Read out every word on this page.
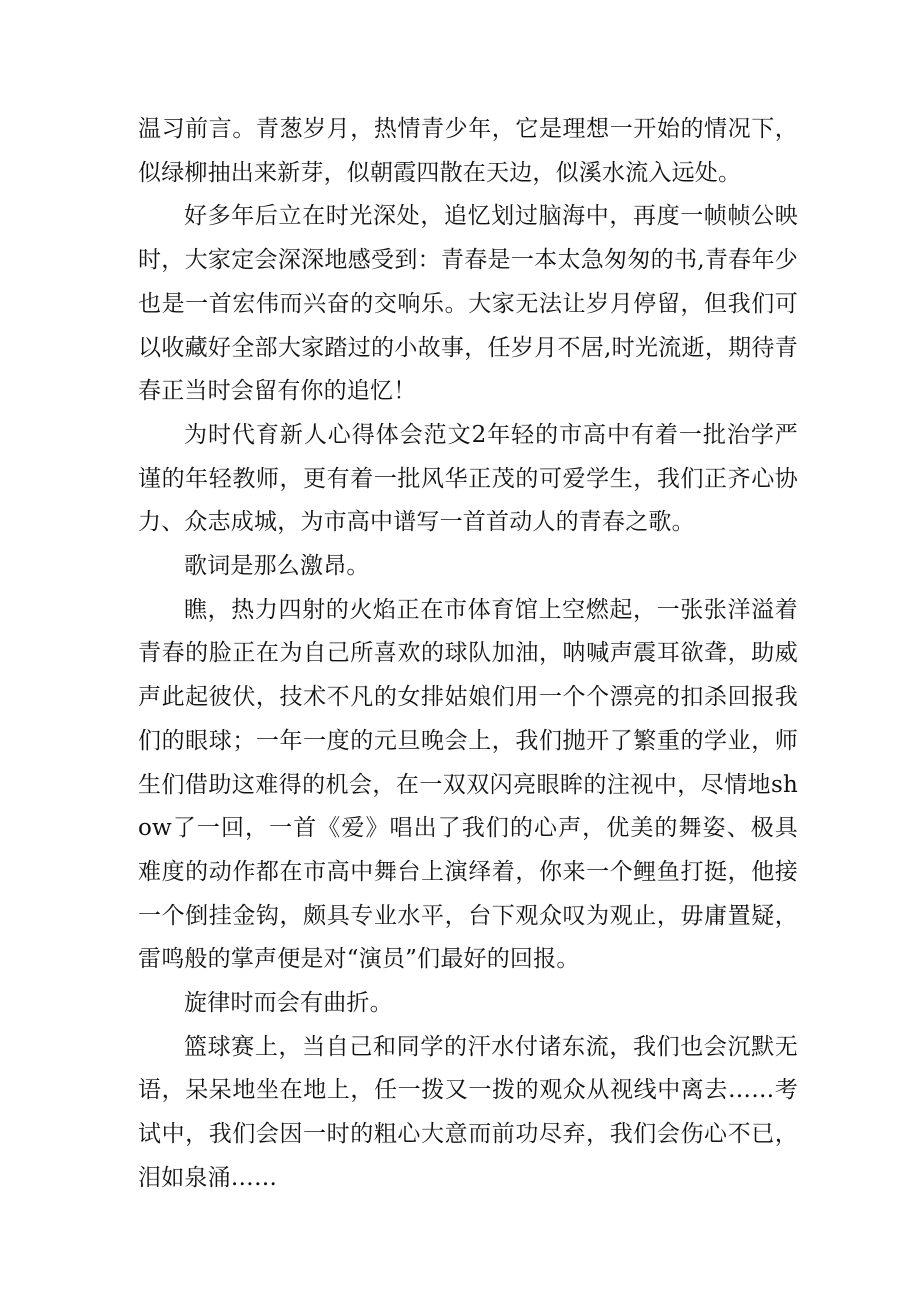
温习前言。青葱岁月，热情青少年，它是理想一开始的情况下，似绿柳抽出来新芽，似朝霞四散在天边，似溪水流入远处。

好多年后立在时光深处，追忆划过脑海中，再度一帧帧公映时，大家定会深深地感受到：青春是一本太急匆匆的书,青春年少也是一首宏伟而兴奋的交响乐。大家无法让岁月停留，但我们可以收藏好全部大家踏过的小故事，任岁月不居,时光流逝，期待青春正当时会留有你的追忆！

为时代育新人心得体会范文2年轻的市高中有着一批治学严谨的年轻教师，更有着一批风华正茂的可爱学生，我们正齐心协力、众志成城，为市高中谱写一首首动人的青春之歌。

歌词是那么激昂。

瞧，热力四射的火焰正在市体育馆上空燃起，一张张洋溢着青春的脸正在为自己所喜欢的球队加油，呐喊声震耳欲聋，助威声此起彼伏，技术不凡的女排姑娘们用一个个漂亮的扣杀回报我们的眼球；一年一度的元旦晚会上，我们抛开了繁重的学业，师生们借助这难得的机会，在一双双闪亮眼眸的注视中，尽情地show了一回，一首《爱》唱出了我们的心声，优美的舞姿、极具难度的动作都在市高中舞台上演绎着，你来一个鲤鱼打挺，他接一个倒挂金钩，颇具专业水平，台下观众叹为观止，毋庸置疑，雷鸣般的掌声便是对“演员”们最好的回报。

旋律时而会有曲折。

篮球赛上，当自己和同学的汗水付诸东流，我们也会沉默无语，呆呆地坐在地上，任一拨又一拨的观众从视线中离去……考试中，我们会因一时的粗心大意而前功尽弃，我们会伤心不已，泪如泉涌……
